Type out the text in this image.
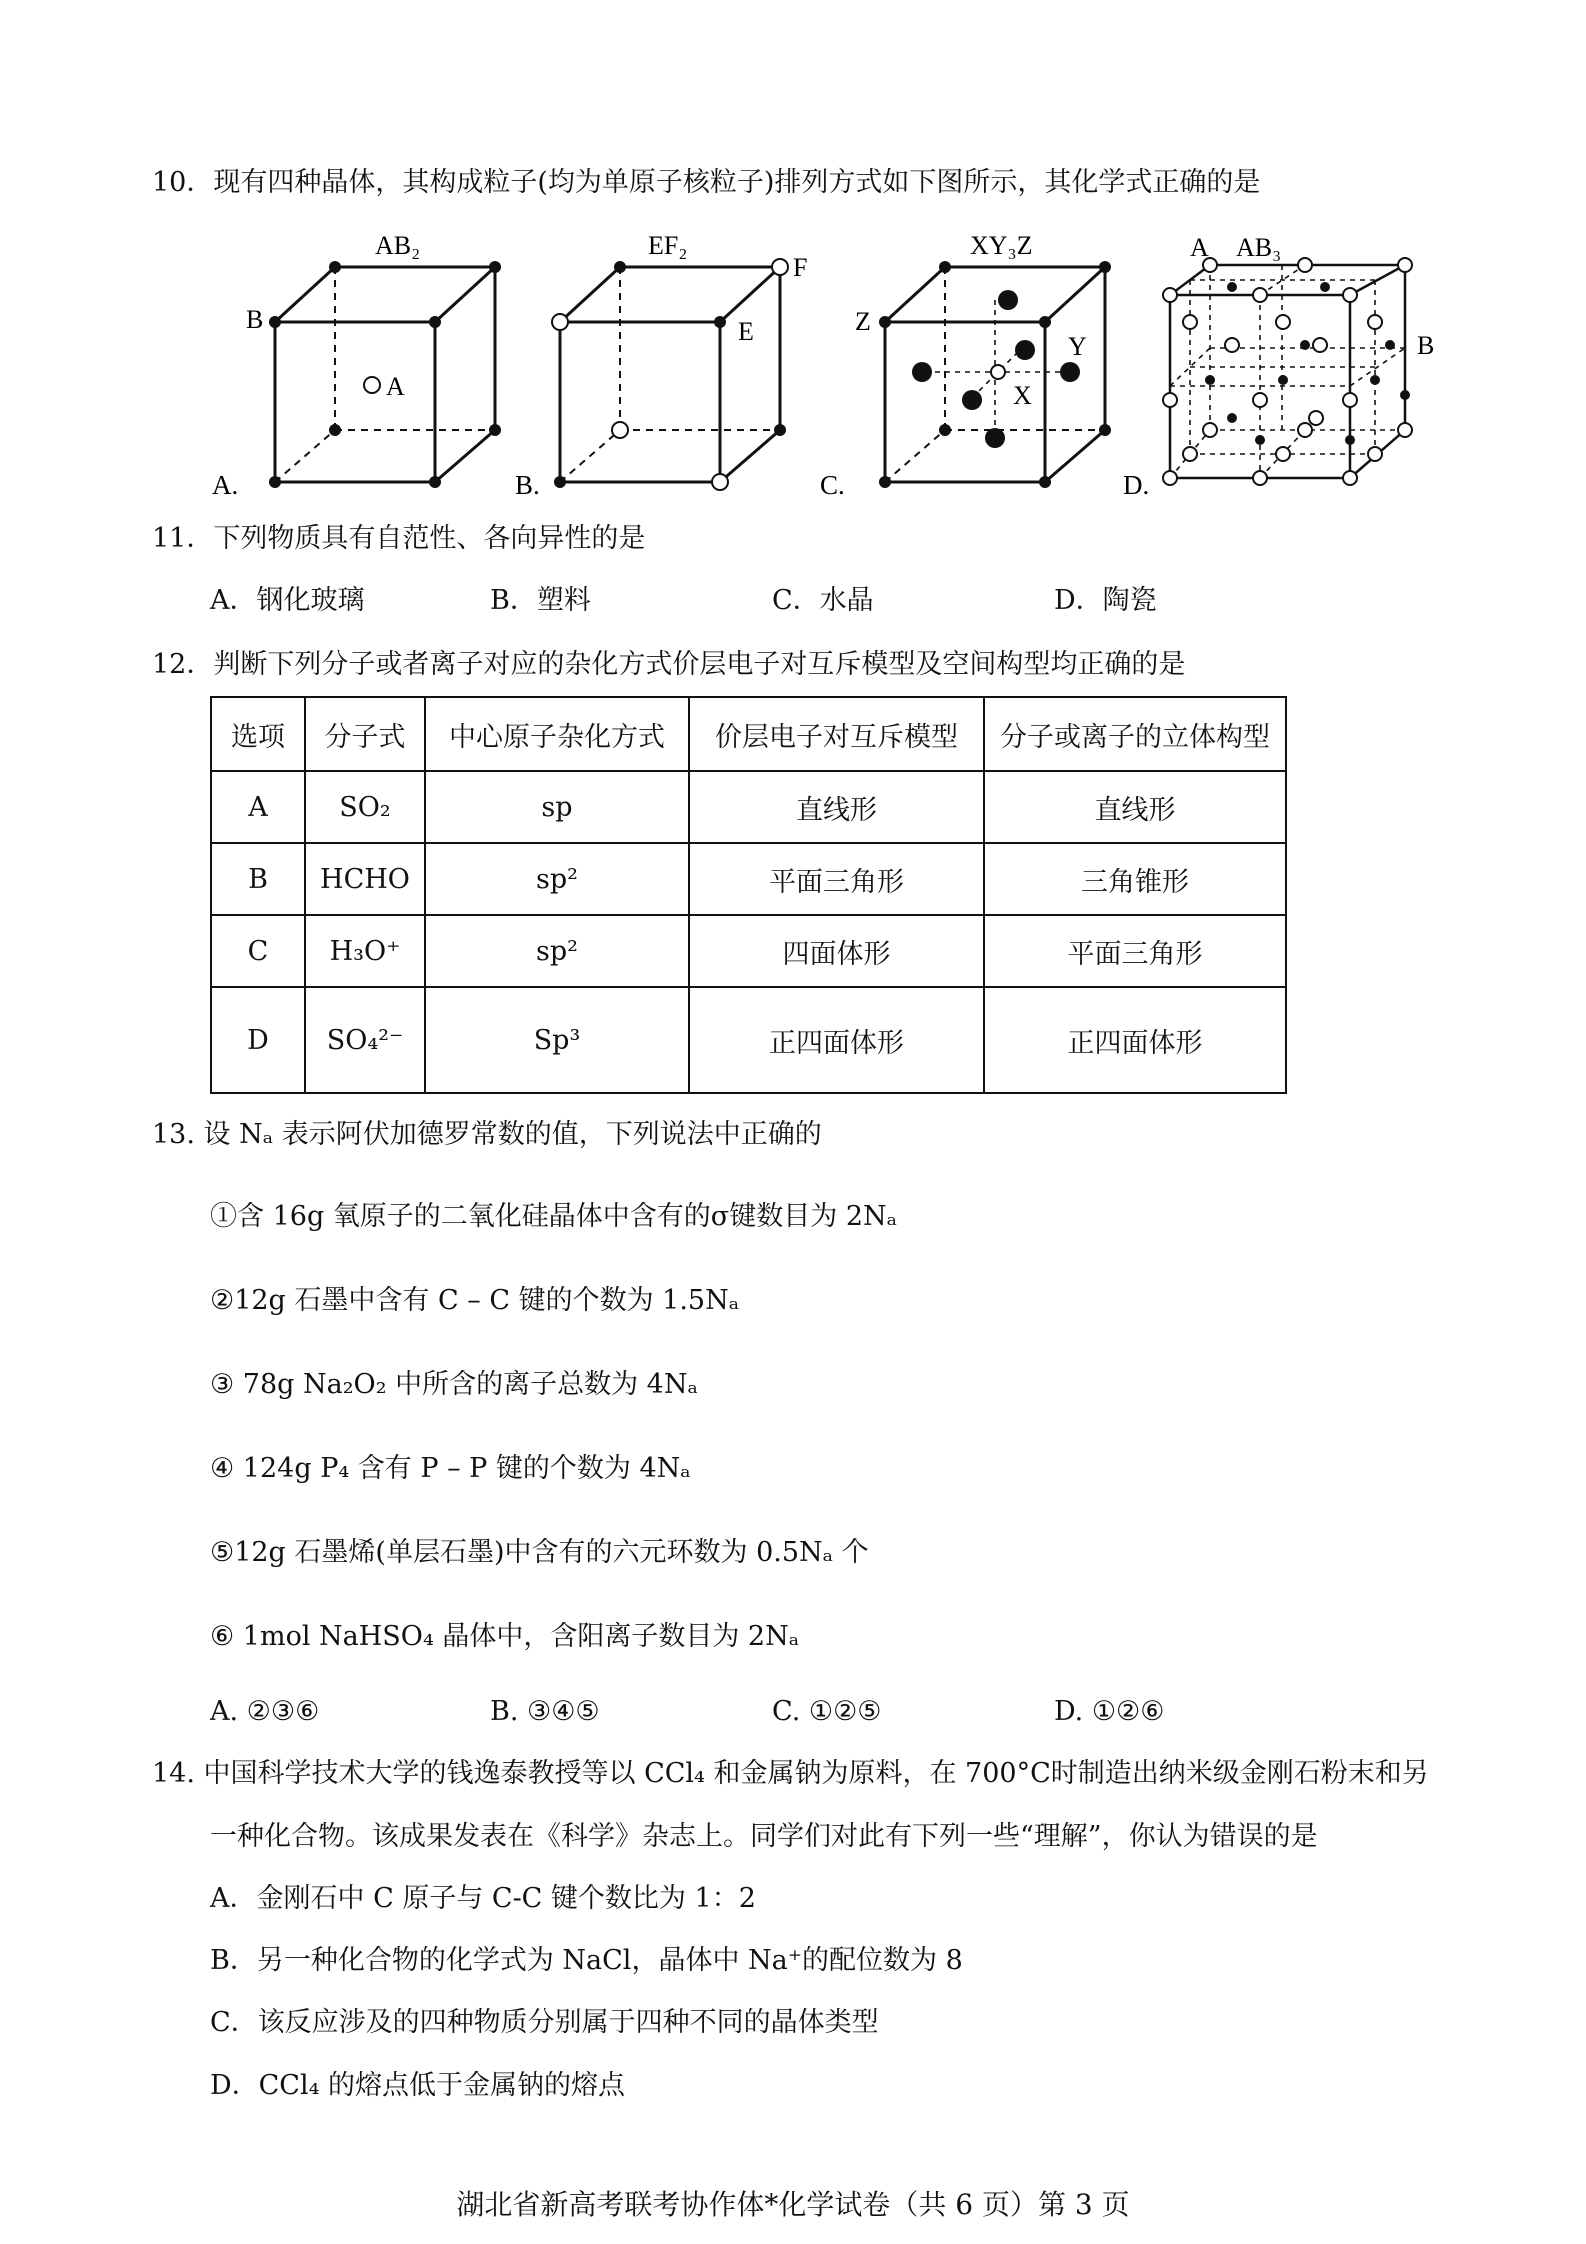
10．现有四种晶体，其构成粒子(均为单原子核粒子)排列方式如下图所示，其化学式正确的是
AB₂
B
A
A.
EF₂
F
E
B.
XY₃Z
Z
Y
X
C.
A AB₃
B
D.
11．下列物质具有自范性、各向异性的是
A．钢化玻璃	B．塑料	C．水晶	D．陶瓷
12．判断下列分子或者离子对应的杂化方式价层电子对互斥模型及空间构型均正确的是
选项	分子式	中心原子杂化方式	价层电子对互斥模型	分子或离子的立体构型
A	SO₂	sp	直线形	直线形
B	HCHO	sp²	平面三角形	三角锥形
C	H₃O⁺	sp²	四面体形	平面三角形
D	SO₄²⁻	Sp³	正四面体形	正四面体形
13. 设 Nₐ 表示阿伏加德罗常数的值，下列说法中正确的
①含 16g 氧原子的二氧化硅晶体中含有的σ键数目为 2Nₐ
②12g 石墨中含有 C – C 键的个数为 1.5Nₐ
③ 78g Na₂O₂ 中所含的离子总数为 4Nₐ
④ 124g P₄ 含有 P – P 键的个数为 4Nₐ
⑤12g 石墨烯(单层石墨)中含有的六元环数为 0.5Nₐ 个
⑥ 1mol NaHSO₄ 晶体中，含阳离子数目为 2Nₐ
A. ②③⑥	B. ③④⑤	C. ①②⑤	D. ①②⑥
14. 中国科学技术大学的钱逸泰教授等以 CCl₄ 和金属钠为原料，在 700°C时制造出纳米级金刚石粉末和另
一种化合物。该成果发表在《科学》杂志上。同学们对此有下列一些“理解”，你认为错误的是
A．金刚石中 C 原子与 C-C 键个数比为 1：2
B．另一种化合物的化学式为 NaCl，晶体中 Na⁺的配位数为 8
C．该反应涉及的四种物质分别属于四种不同的晶体类型
D．CCl₄ 的熔点低于金属钠的熔点
湖北省新高考联考协作体*化学试卷（共 6 页）第 3 页
